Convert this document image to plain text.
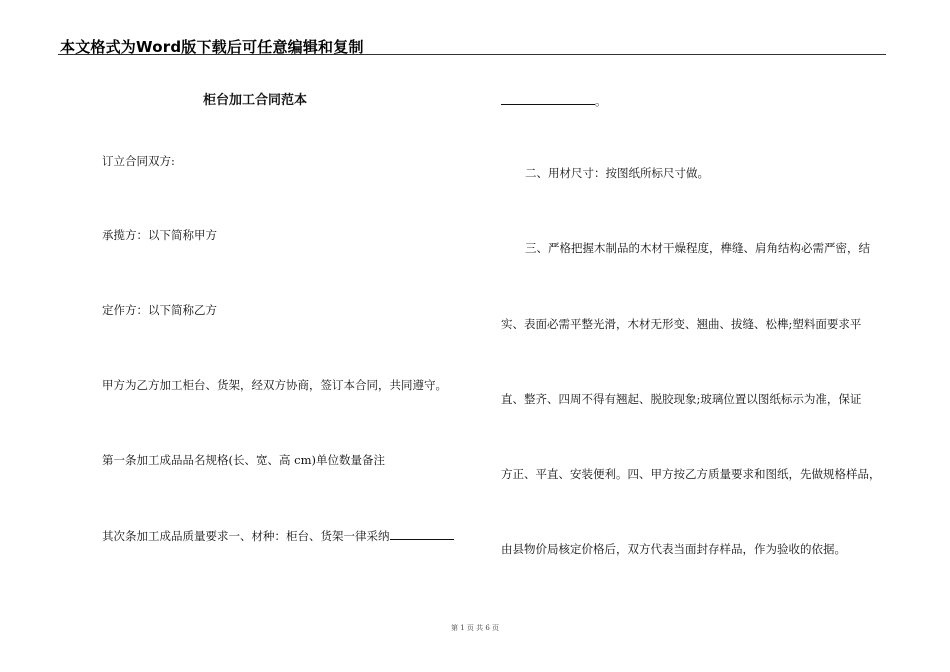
本文格式为Word版下载后可任意编辑和复制
柜台加工合同范本
订立合同双方:
承揽方：以下简称甲方
定作方：以下简称乙方
甲方为乙方加工柜台、货架，经双方协商，签订本合同，共同遵守。
第一条加工成品品名规格(长、宽、高 cm)单位数量备注
其次条加工成品质量要求一、材种：柜台、货架一律采纳
。
二、用材尺寸：按图纸所标尺寸做。
三、严格把握木制品的木材干燥程度，榫缝、肩角结构必需严密，结
实、表面必需平整光滑，木材无形变、翘曲、拔缝、松榫;塑料面要求平
直、整齐、四周不得有翘起、脱胶现象;玻璃位置以图纸标示为准，保证
方正、平直、安装便利。四、甲方按乙方质量要求和图纸，先做规格样品，
由县物价局核定价格后，双方代表当面封存样品，作为验收的依据。
第 1 页 共 6 页
